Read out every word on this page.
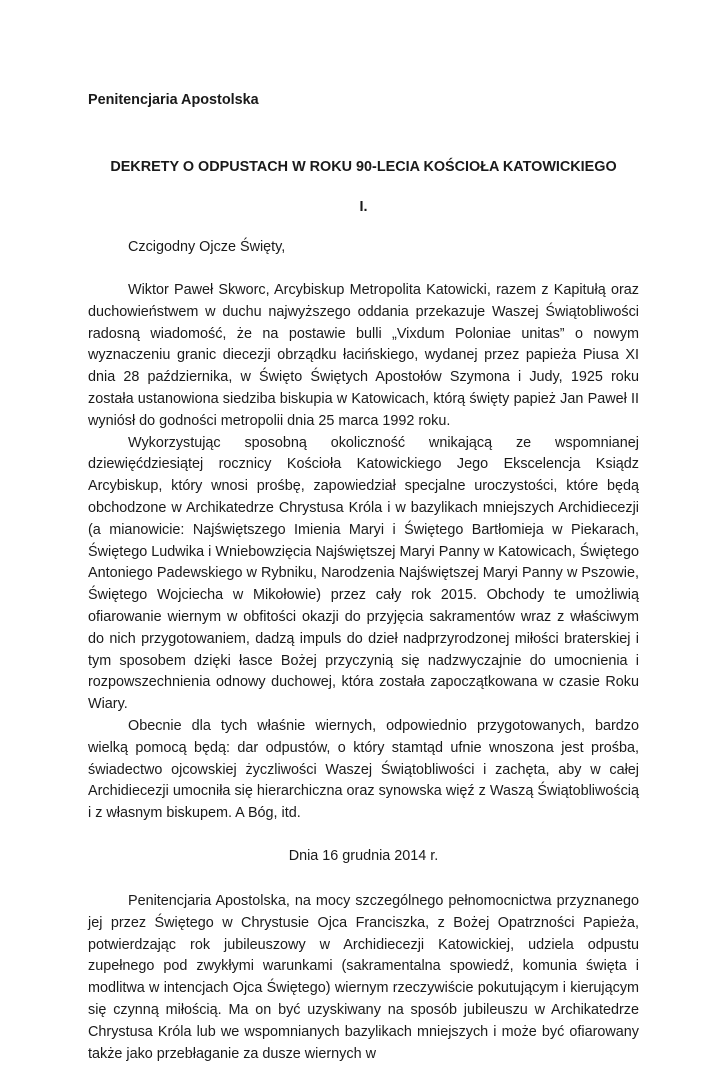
Penitencjaria Apostolska

DEKRETY O ODPUSTACH W ROKU 90-LECIA KOŚCIOŁA KATOWICKIEGO

I.

Czcigodny Ojcze Święty,

Wiktor Paweł Skworc, Arcybiskup Metropolita Katowicki, razem z Kapitułą oraz duchowieństwem w duchu najwyższego oddania przekazuje Waszej Świątobliwości radosną wiadomość, że na postawie bulli „Vixdum Poloniae unitas” o nowym wyznaczeniu granic diecezji obrządku łacińskiego, wydanej przez papieża Piusa XI dnia 28 października, w Święto Świętych Apostołów Szymona i Judy, 1925 roku została ustanowiona siedziba biskupia w Katowicach, którą święty papież Jan Paweł II wyniósł do godności metropolii dnia 25 marca 1992 roku.

Wykorzystując sposobną okoliczność wnikającą ze wspomnianej dziewięćdziesiątej rocznicy Kościoła Katowickiego Jego Ekscelencja Ksiądz Arcybiskup, który wnosi prośbę, zapowiedział specjalne uroczystości, które będą obchodzone w Archikatedrze Chrystusa Króla i w bazylikach mniejszych Archidiecezji (a mianowicie: Najświętszego Imienia Maryi i Świętego Bartłomieja w Piekarach, Świętego Ludwika i Wniebowzięcia Najświętszej Maryi Panny w Katowicach, Świętego Antoniego Padewskiego w Rybniku, Narodzenia Najświętszej Maryi Panny w Pszowie, Świętego Wojciecha w Mikołowie) przez cały rok 2015. Obchody te umożliwią ofiarowanie wiernym w obfitości okazji do przyjęcia sakramentów wraz z właściwym do nich przygotowaniem, dadzą impuls do dzieł nadprzyrodzonej miłości braterskiej i tym sposobem dzięki łasce Bożej przyczynią się nadzwyczajnie do umocnienia i rozpowszechnienia odnowy duchowej, która została zapoczątkowana w czasie Roku Wiary.

Obecnie dla tych właśnie wiernych, odpowiednio przygotowanych, bardzo wielką pomocą będą: dar odpustów, o który stamtąd ufnie wnoszona jest prośba, świadectwo ojcowskiej życzliwości Waszej Świątobliwości i zachęta, aby w całej Archidiecezji umocniła się hierarchiczna oraz synowska więź z Waszą Świątobliwością i z własnym biskupem. A Bóg, itd.

Dnia 16 grudnia 2014 r.

Penitencjaria Apostolska, na mocy szczególnego pełnomocnictwa przyznanego jej przez Świętego w Chrystusie Ojca Franciszka, z Bożej Opatrzności Papieża, potwierdzając rok jubileuszowy w Archidiecezji Katowickiej, udziela odpustu zupełnego pod zwykłymi warunkami (sakramentalna spowiedź, komunia święta i modlitwa w intencjach Ojca Świętego) wiernym rzeczywiście pokutującym i kierującym się czynną miłością. Ma on być uzyskiwany na sposób jubileuszu w Archikatedrze Chrystusa Króla lub we wspomnianych bazylikach mniejszych i może być ofiarowany także jako przebłaganie za dusze wiernych w
